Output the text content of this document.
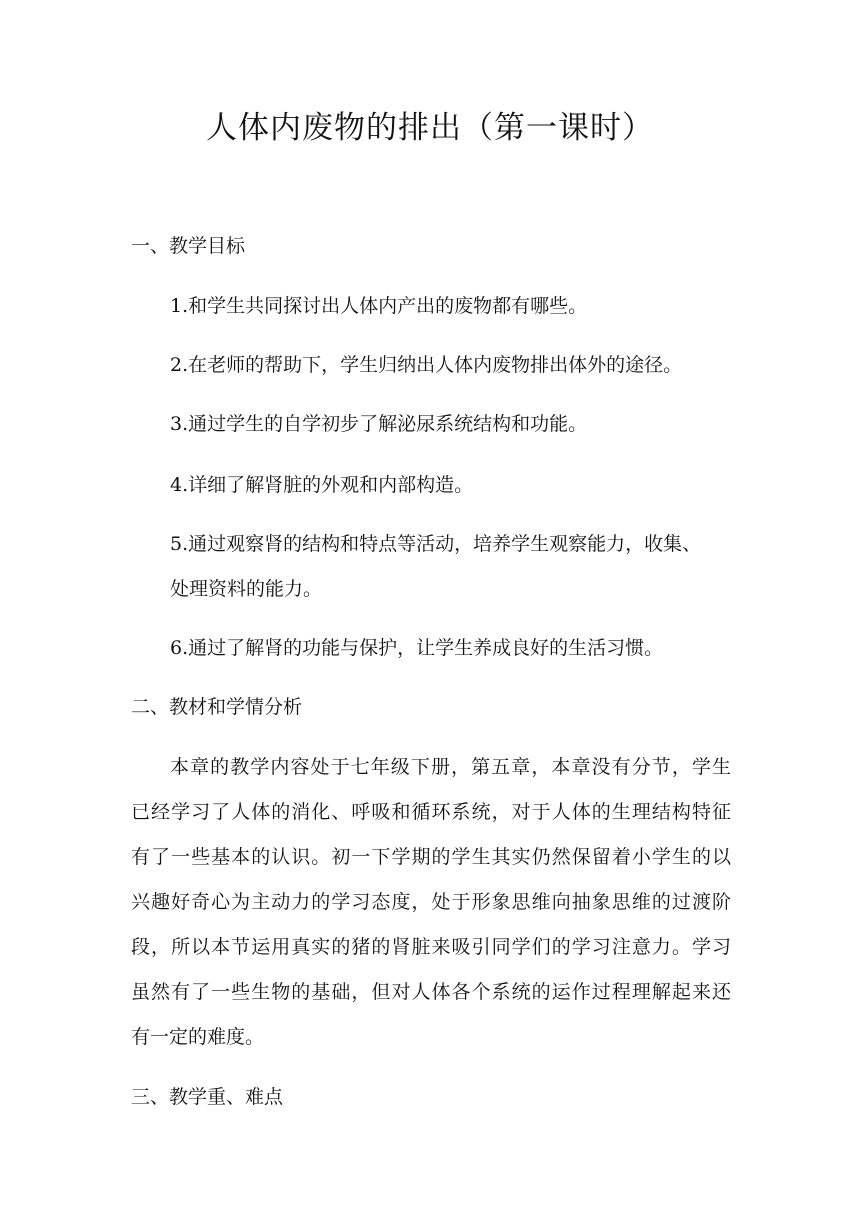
人体内废物的排出（第一课时）
一、教学目标
1.和学生共同探讨出人体内产出的废物都有哪些。
2.在老师的帮助下，学生归纳出人体内废物排出体外的途径。
3.通过学生的自学初步了解泌尿系统结构和功能。
4.详细了解肾脏的外观和内部构造。
5.通过观察肾的结构和特点等活动，培养学生观察能力，收集、
处理资料的能力。
6.通过了解肾的功能与保护，让学生养成良好的生活习惯。
二、教材和学情分析
本章的教学内容处于七年级下册，第五章，本章没有分节，学生
已经学习了人体的消化、呼吸和循环系统，对于人体的生理结构特征
有了一些基本的认识。初一下学期的学生其实仍然保留着小学生的以
兴趣好奇心为主动力的学习态度，处于形象思维向抽象思维的过渡阶
段，所以本节运用真实的猪的肾脏来吸引同学们的学习注意力。学习
虽然有了一些生物的基础，但对人体各个系统的运作过程理解起来还
有一定的难度。
三、教学重、难点
